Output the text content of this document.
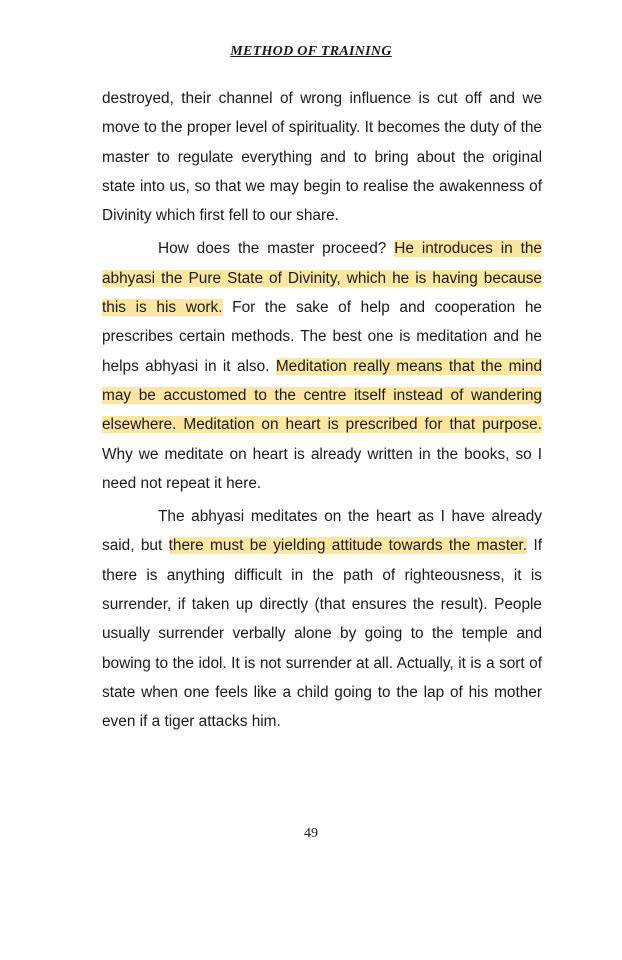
METHOD OF TRAINING

destroyed, their channel of wrong influence is cut off and we move to the proper level of spirituality. It becomes the duty of the master to regulate everything and to bring about the original state into us, so that we may begin to realise the awakenness of Divinity which first fell to our share.

How does the master proceed? He introduces in the abhyasi the Pure State of Divinity, which he is having because this is his work. For the sake of help and cooperation he prescribes certain methods. The best one is meditation and he helps abhyasi in it also. Meditation really means that the mind may be accustomed to the centre itself instead of wandering elsewhere. Meditation on heart is prescribed for that purpose. Why we meditate on heart is already written in the books, so I need not repeat it here.

The abhyasi meditates on the heart as I have already said, but there must be yielding attitude towards the master. If there is anything difficult in the path of righteousness, it is surrender, if taken up directly (that ensures the result). People usually surrender verbally alone by going to the temple and bowing to the idol. It is not surrender at all. Actually, it is a sort of state when one feels like a child going to the lap of his mother even if a tiger attacks him.

49
